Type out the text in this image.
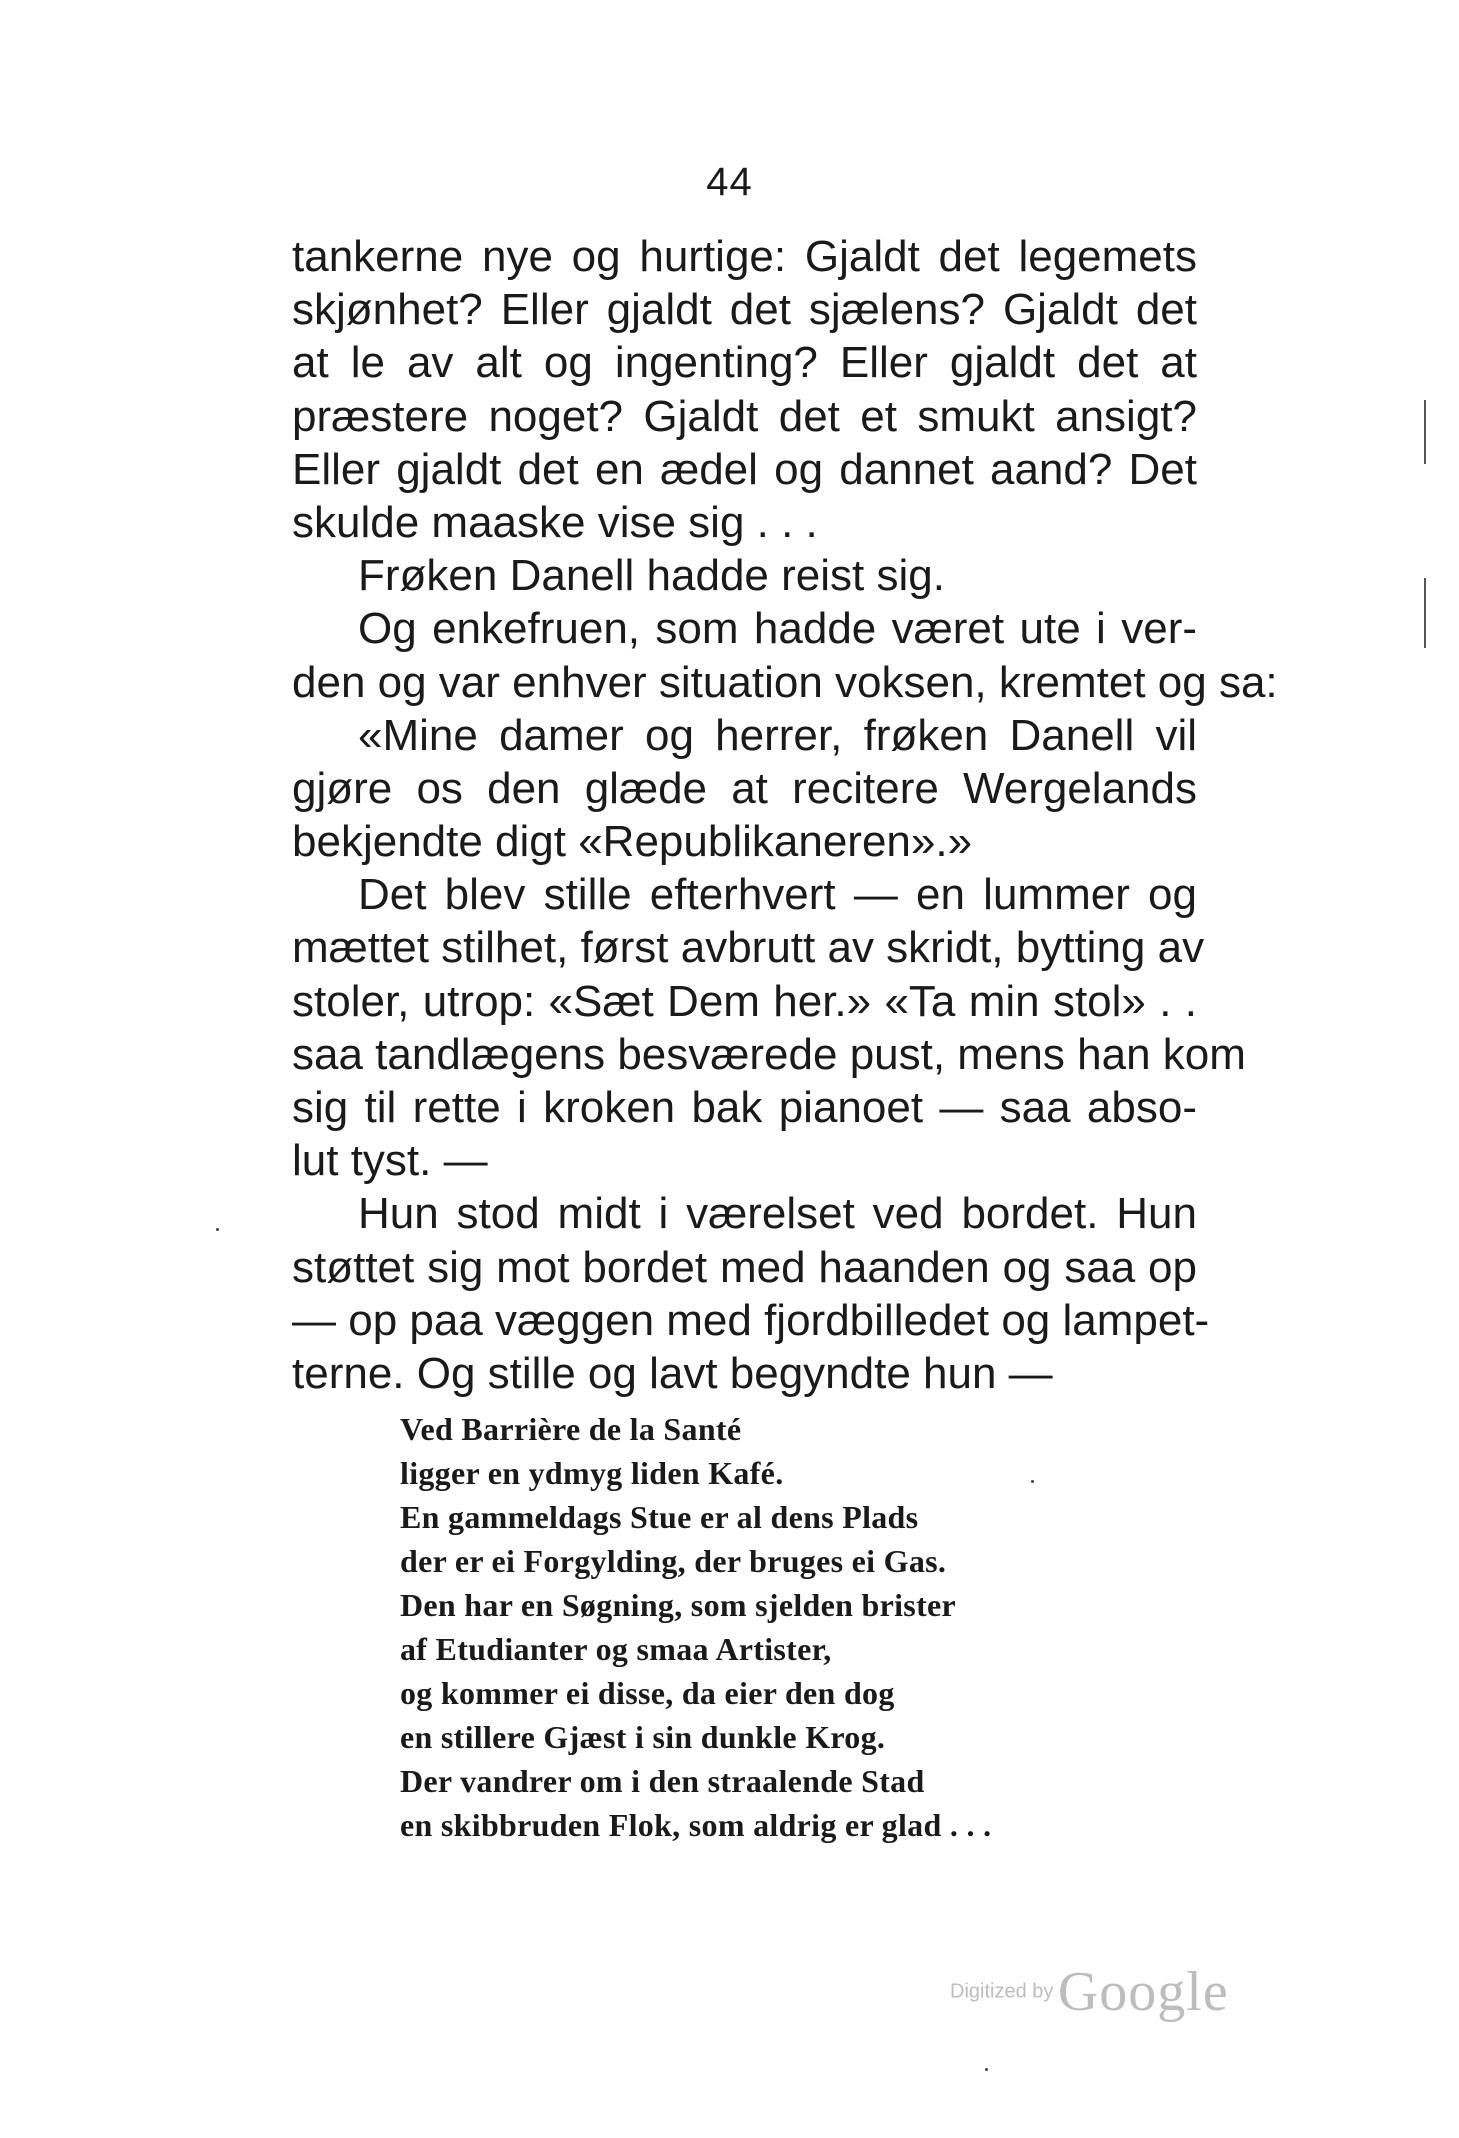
44
tankerne nye og hurtige: Gjaldt det legemets
skjønhet? Eller gjaldt det sjælens? Gjaldt det
at le av alt og ingenting? Eller gjaldt det at
præstere noget? Gjaldt det et smukt ansigt?
Eller gjaldt det en ædel og dannet aand? Det
skulde maaske vise sig . . .
Frøken Danell hadde reist sig.
Og enkefruen, som hadde været ute i ver-
den og var enhver situation voksen, kremtet og sa:
«Mine damer og herrer, frøken Danell vil
gjøre os den glæde at recitere Wergelands
bekjendte digt «Republikaneren».»
Det blev stille efterhvert — en lummer og
mættet stilhet, først avbrutt av skridt, bytting av
stoler, utrop: «Sæt Dem her.» «Ta min stol» . .
saa tandlægens besværede pust, mens han kom
sig til rette i kroken bak pianoet — saa abso-
lut tyst. —
Hun stod midt i værelset ved bordet. Hun
støttet sig mot bordet med haanden og saa op
— op paa væggen med fjordbilledet og lampet-
terne. Og stille og lavt begyndte hun —
Ved Barrière de la Santé
ligger en ydmyg liden Kafé.
En gammeldags Stue er al dens Plads
der er ei Forgylding, der bruges ei Gas.
Den har en Søgning, som sjelden brister
af Etudianter og smaa Artister,
og kommer ei disse, da eier den dog
en stillere Gjæst i sin dunkle Krog.
Der vandrer om i den straalende Stad
en skibbruden Flok, som aldrig er glad . . .
Digitized by Google
